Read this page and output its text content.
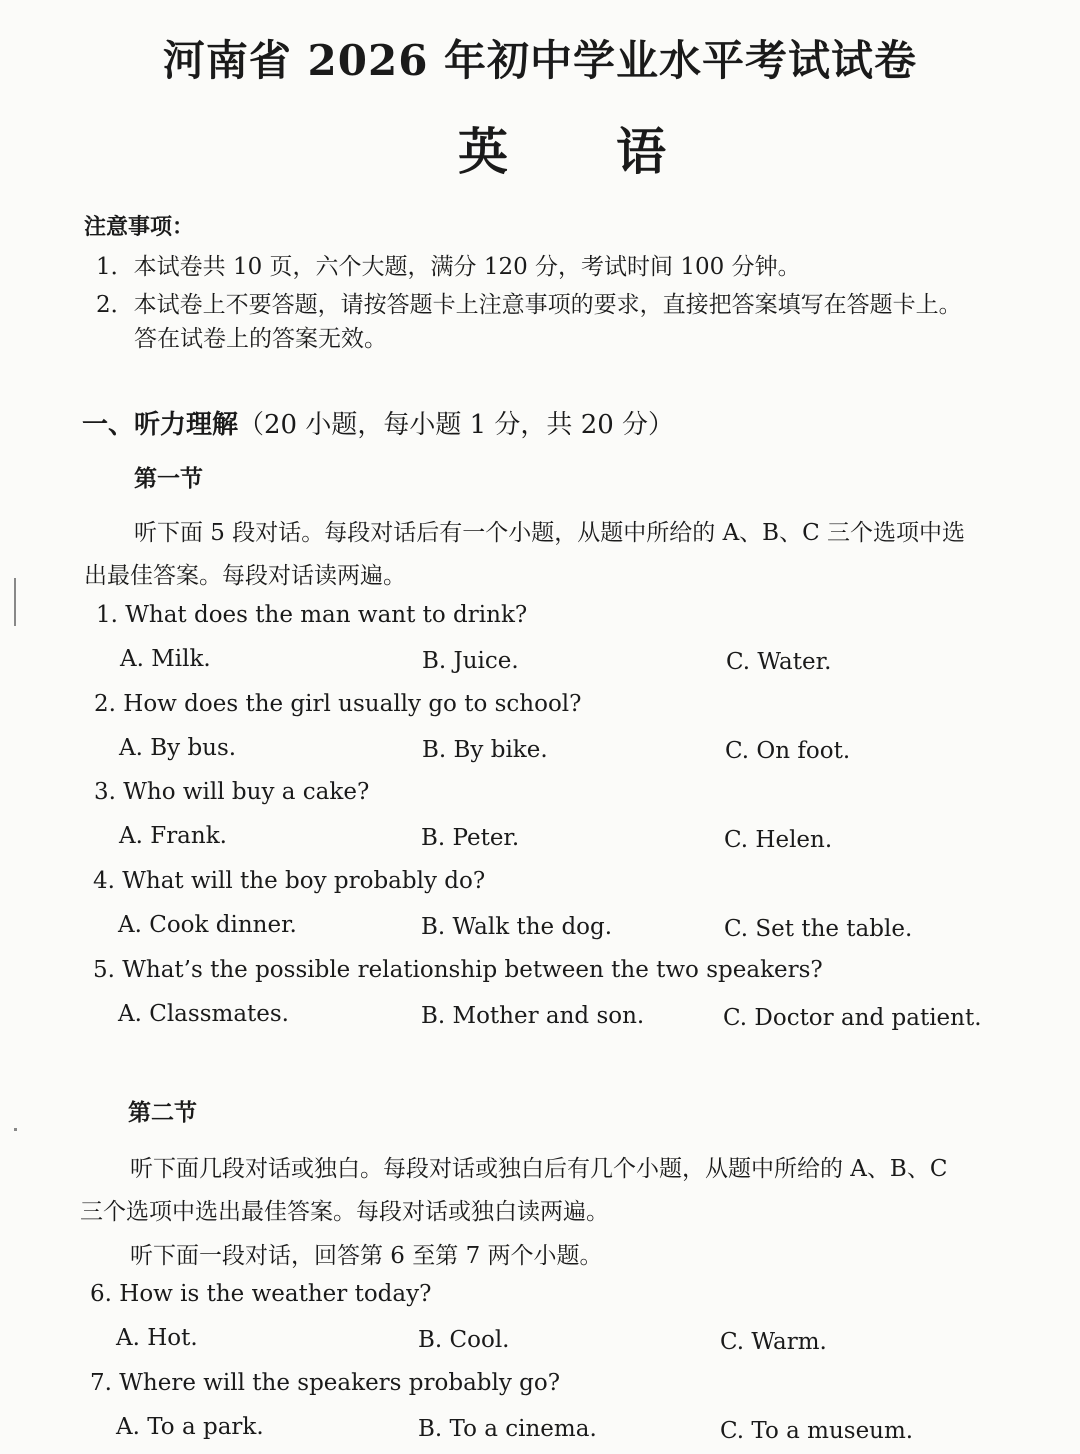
河南省 2026 年初中学业水平考试试卷
英语
注意事项：
1．本试卷共 10 页，六个大题，满分 120 分，考试时间 100 分钟。
2．本试卷上不要答题，请按答题卡上注意事项的要求，直接把答案填写在答题卡上。
答在试卷上的答案无效。
一、听力理解（20 小题，每小题 1 分，共 20 分）
第一节
听下面 5 段对话。每段对话后有一个小题，从题中所给的 A、B、C 三个选项中选
出最佳答案。每段对话读两遍。
1. What does the man want to drink?
A. Milk.	B. Juice.	C. Water.
2. How does the girl usually go to school?
A. By bus.	B. By bike.	C. On foot.
3. Who will buy a cake?
A. Frank.	B. Peter.	C. Helen.
4. What will the boy probably do?
A. Cook dinner.	B. Walk the dog.	C. Set the table.
5. What’s the possible relationship between the two speakers?
A. Classmates.	B. Mother and son.	C. Doctor and patient.
第二节
听下面几段对话或独白。每段对话或独白后有几个小题，从题中所给的 A、B、C
三个选项中选出最佳答案。每段对话或独白读两遍。
听下面一段对话，回答第 6 至第 7 两个小题。
6. How is the weather today?
A. Hot.	B. Cool.	C. Warm.
7. Where will the speakers probably go?
A. To a park.	B. To a cinema.	C. To a museum.
